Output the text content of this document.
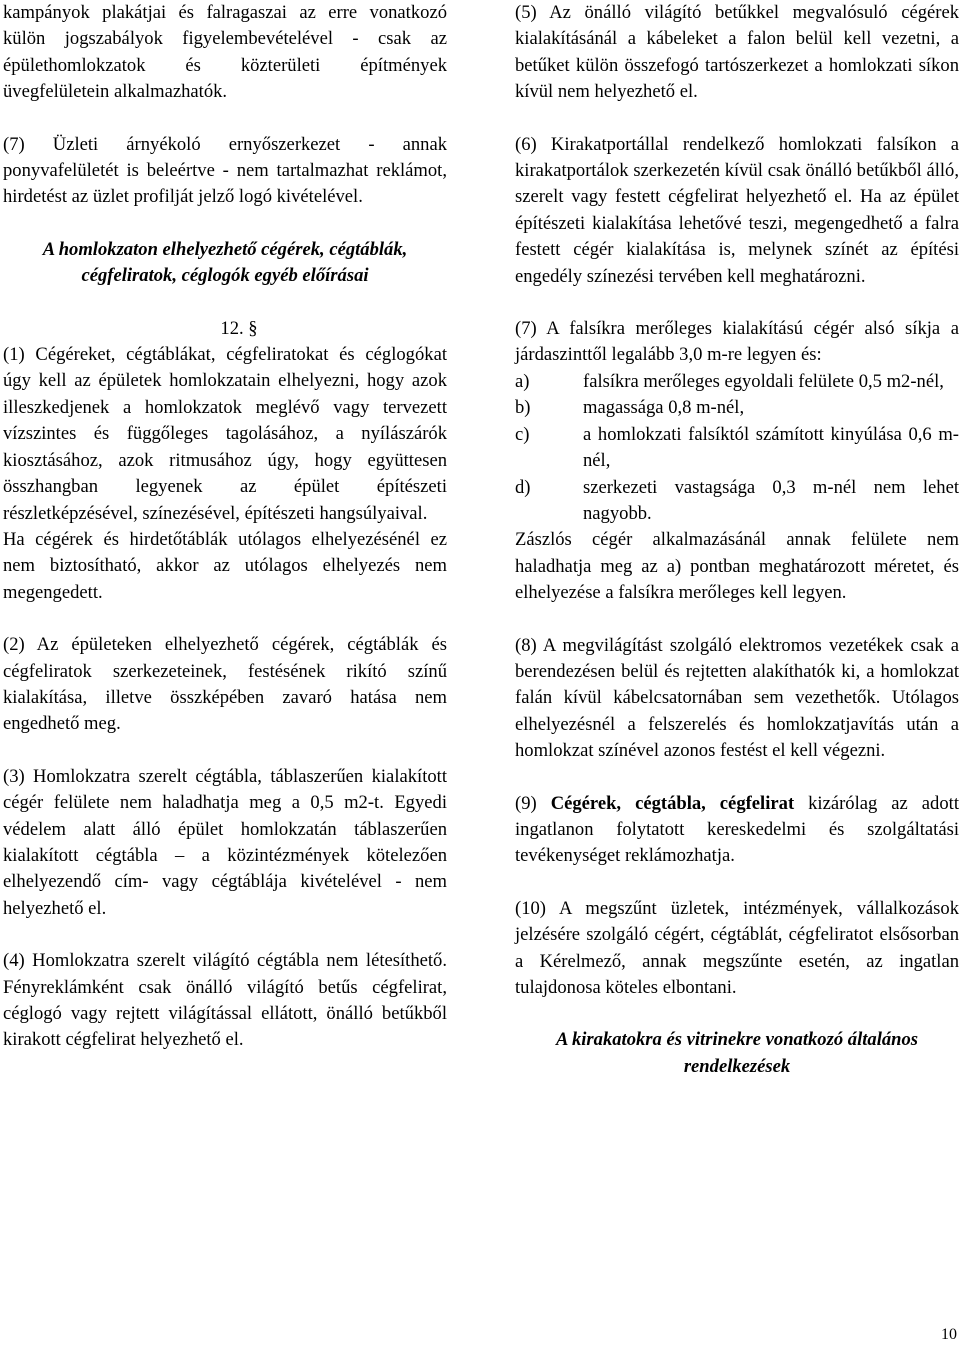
kampányok plakátjai és falragaszai az erre vonatkozó külön jogszabályok figyelembevételével - csak az épülethomlokzatok és közterületi építmények üvegfelületein alkalmazhatók.

(7) Üzleti árnyékoló ernyőszerkezet - annak ponyvafelületét is beleértve - nem tartalmazhat reklámot, hirdetést az üzlet profilját jelző logó kivételével.

A homlokzaton elhelyezhető cégérek, cégtáblák, cégfeliratok, céglogók egyéb előírásai

12. §

(1) Cégéreket, cégtáblákat, cégfeliratokat és céglogókat úgy kell az épületek homlokzatain elhelyezni, hogy azok illeszkedjenek a homlokzatok meglévő vagy tervezett vízszintes és függőleges tagolásához, a nyílászárók kiosztásához, azok ritmusához úgy, hogy együttesen összhangban legyenek az épület építészeti részletképzésével, színezésével, építészeti hangsúlyaival.

Ha cégérek és hirdetőtáblák utólagos elhelyezésénél ez nem biztosítható, akkor az utólagos elhelyezés nem megengedett.

(2) Az épületeken elhelyezhető cégérek, cégtáblák és cégfeliratok szerkezeteinek, festésének rikító színű kialakítása, illetve összképében zavaró hatása nem engedhető meg.

(3) Homlokzatra szerelt cégtábla, táblaszerűen kialakított cégér felülete nem haladhatja meg a 0,5 m2-t. Egyedi védelem alatt álló épület homlokzatán táblaszerűen kialakított cégtábla – a közintézmények kötelezően elhelyezendő cím- vagy cégtáblája kivételével - nem helyezhető el.

(4) Homlokzatra szerelt világító cégtábla nem létesíthető. Fényreklámként csak önálló világító betűs cégfelirat, céglogó vagy rejtett világítással ellátott, önálló betűkből kirakott cégfelirat helyezhető el.

(5) Az önálló világító betűkkel megvalósuló cégérek kialakításánál a kábeleket a falon belül kell vezetni, a betűket külön összefogó tartószerkezet a homlokzati síkon kívül nem helyezhető el.

(6) Kirakatportállal rendelkező homlokzati falsíkon a kirakatportálok szerkezetén kívül csak önálló betűkből álló, szerelt vagy festett cégfelirat helyezhető el. Ha az épület építészeti kialakítása lehetővé teszi, megengedhető a falra festett cégér kialakítása is, melynek színét az építési engedély színezési tervében kell meghatározni.

(7) A falsíkra merőleges kialakítású cégér alsó síkja a járdaszinttől legalább 3,0 m-re legyen és:

a)	falsíkra merőleges egyoldali felülete 0,5 m2-nél,
b)	magassága 0,8 m-nél,
c)	a homlokzati falsíktól számított kinyúlása 0,6 m-nél,
d)	szerkezeti vastagsága 0,3 m-nél nem lehet nagyobb.

Zászlós cégér alkalmazásánál annak felülete nem haladhatja meg az a) pontban meghatározott méretet, és elhelyezése a falsíkra merőleges kell legyen.

(8) A megvilágítást szolgáló elektromos vezetékek csak a berendezésen belül és rejtetten alakíthatók ki, a homlokzat falán kívül kábelcsatornában sem vezethetők. Utólagos elhelyezésnél a felszerelés és homlokzatjavítás után a homlokzat színével azonos festést el kell végezni.

(9) Cégérek, cégtábla, cégfelirat kizárólag az adott ingatlanon folytatott kereskedelmi és szolgáltatási tevékenységet reklámozhatja.

(10) A megszűnt üzletek, intézmények, vállalkozások jelzésére szolgáló cégért, cégtáblát, cégfeliratot elsősorban a Kérelmező, annak megszűnte esetén, az ingatlan tulajdonosa köteles elbontani.

A kirakatokra és vitrinekre vonatkozó általános rendelkezések

10
